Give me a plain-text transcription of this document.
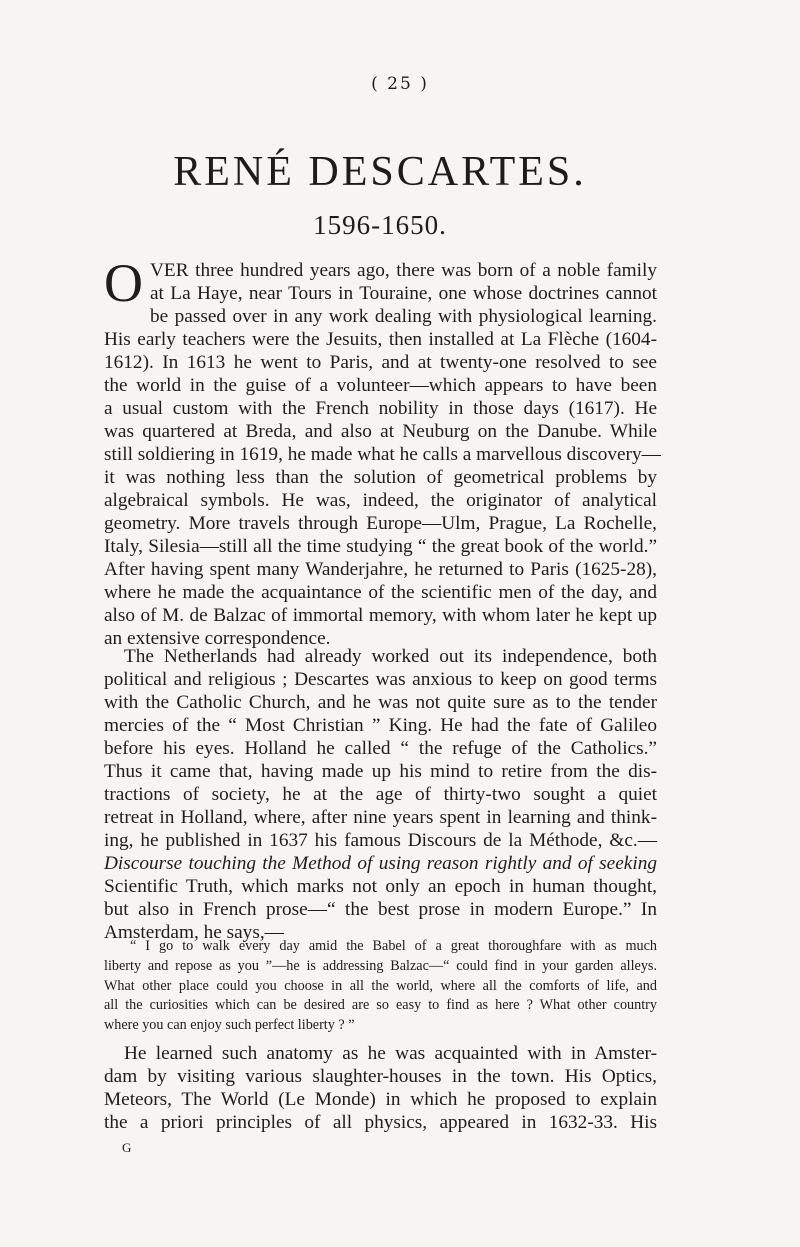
( 25 )
RENÉ DESCARTES.
1596-1650.
O VER three hundred years ago, there was born of a noble family
at La Haye, near Tours in Touraine, one whose doctrines cannot
be passed over in any work dealing with physiological learning.
His early teachers were the Jesuits, then installed at La Flèche (1604-
1612). In 1613 he went to Paris, and at twenty-one resolved to see
the world in the guise of a volunteer—which appears to have been
a usual custom with the French nobility in those days (1617). He
was quartered at Breda, and also at Neuburg on the Danube. While
still soldiering in 1619, he made what he calls a marvellous discovery—
it was nothing less than the solution of geometrical problems by
algebraical symbols. He was, indeed, the originator of analytical
geometry. More travels through Europe—Ulm, Prague, La Rochelle,
Italy, Silesia—still all the time studying “ the great book of the world.”
After having spent many Wanderjahre, he returned to Paris (1625-28),
where he made the acquaintance of the scientific men of the day, and
also of M. de Balzac of immortal memory, with whom later he kept up
an extensive correspondence.
The Netherlands had already worked out its independence, both
political and religious ; Descartes was anxious to keep on good terms
with the Catholic Church, and he was not quite sure as to the tender
mercies of the “ Most Christian ” King. He had the fate of Galileo
before his eyes. Holland he called “ the refuge of the Catholics.”
Thus it came that, having made up his mind to retire from the dis-
tractions of society, he at the age of thirty-two sought a quiet
retreat in Holland, where, after nine years spent in learning and think-
ing, he published in 1637 his famous Discours de la Méthode, &c.—
Discourse touching the Method of using reason rightly and of seeking
Scientific Truth, which marks not only an epoch in human thought,
but also in French prose—“ the best prose in modern Europe.” In
Amsterdam, he says,—
“ I go to walk every day amid the Babel of a great thoroughfare with as much
liberty and repose as you ”—he is addressing Balzac—“ could find in your garden alleys.
What other place could you choose in all the world, where all the comforts of life, and
all the curiosities which can be desired are so easy to find as here ? What other country
where you can enjoy such perfect liberty ? ”
He learned such anatomy as he was acquainted with in Amster-
dam by visiting various slaughter-houses in the town. His Optics,
Meteors, The World (Le Monde) in which he proposed to explain
the a priori principles of all physics, appeared in 1632-33. His
G
